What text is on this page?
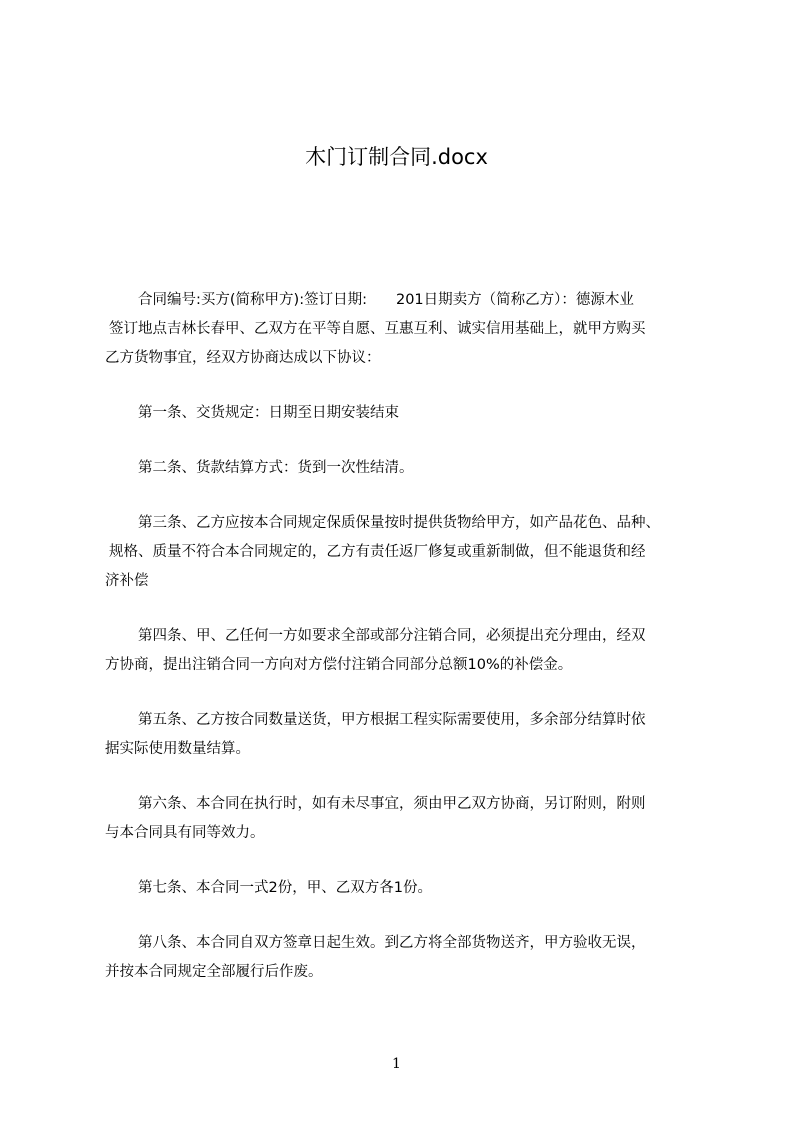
木门订制合同.docx

合同编号:买方(简称甲方):签订日期:　　201日期卖方（简称乙方）：德源木业
签订地点吉林长春甲、乙双方在平等自愿、互惠互利、诚实信用基础上，就甲方购买
乙方货物事宜，经双方协商达成以下协议：

第一条、交货规定：日期至日期安装结束

第二条、货款结算方式：货到一次性结清。

第三条、乙方应按本合同规定保质保量按时提供货物给甲方，如产品花色、品种、
规格、质量不符合本合同规定的，乙方有责任返厂修复或重新制做，但不能退货和经
济补偿

第四条、甲、乙任何一方如要求全部或部分注销合同，必须提出充分理由，经双
方协商，提出注销合同一方向对方偿付注销合同部分总额10%的补偿金。

第五条、乙方按合同数量送货，甲方根据工程实际需要使用，多余部分结算时依
据实际使用数量结算。

第六条、本合同在执行时，如有未尽事宜，须由甲乙双方协商，另订附则，附则
与本合同具有同等效力。

第七条、本合同一式2份，甲、乙双方各1份。

第八条、本合同自双方签章日起生效。到乙方将全部货物送齐，甲方验收无误，
并按本合同规定全部履行后作废。

1
